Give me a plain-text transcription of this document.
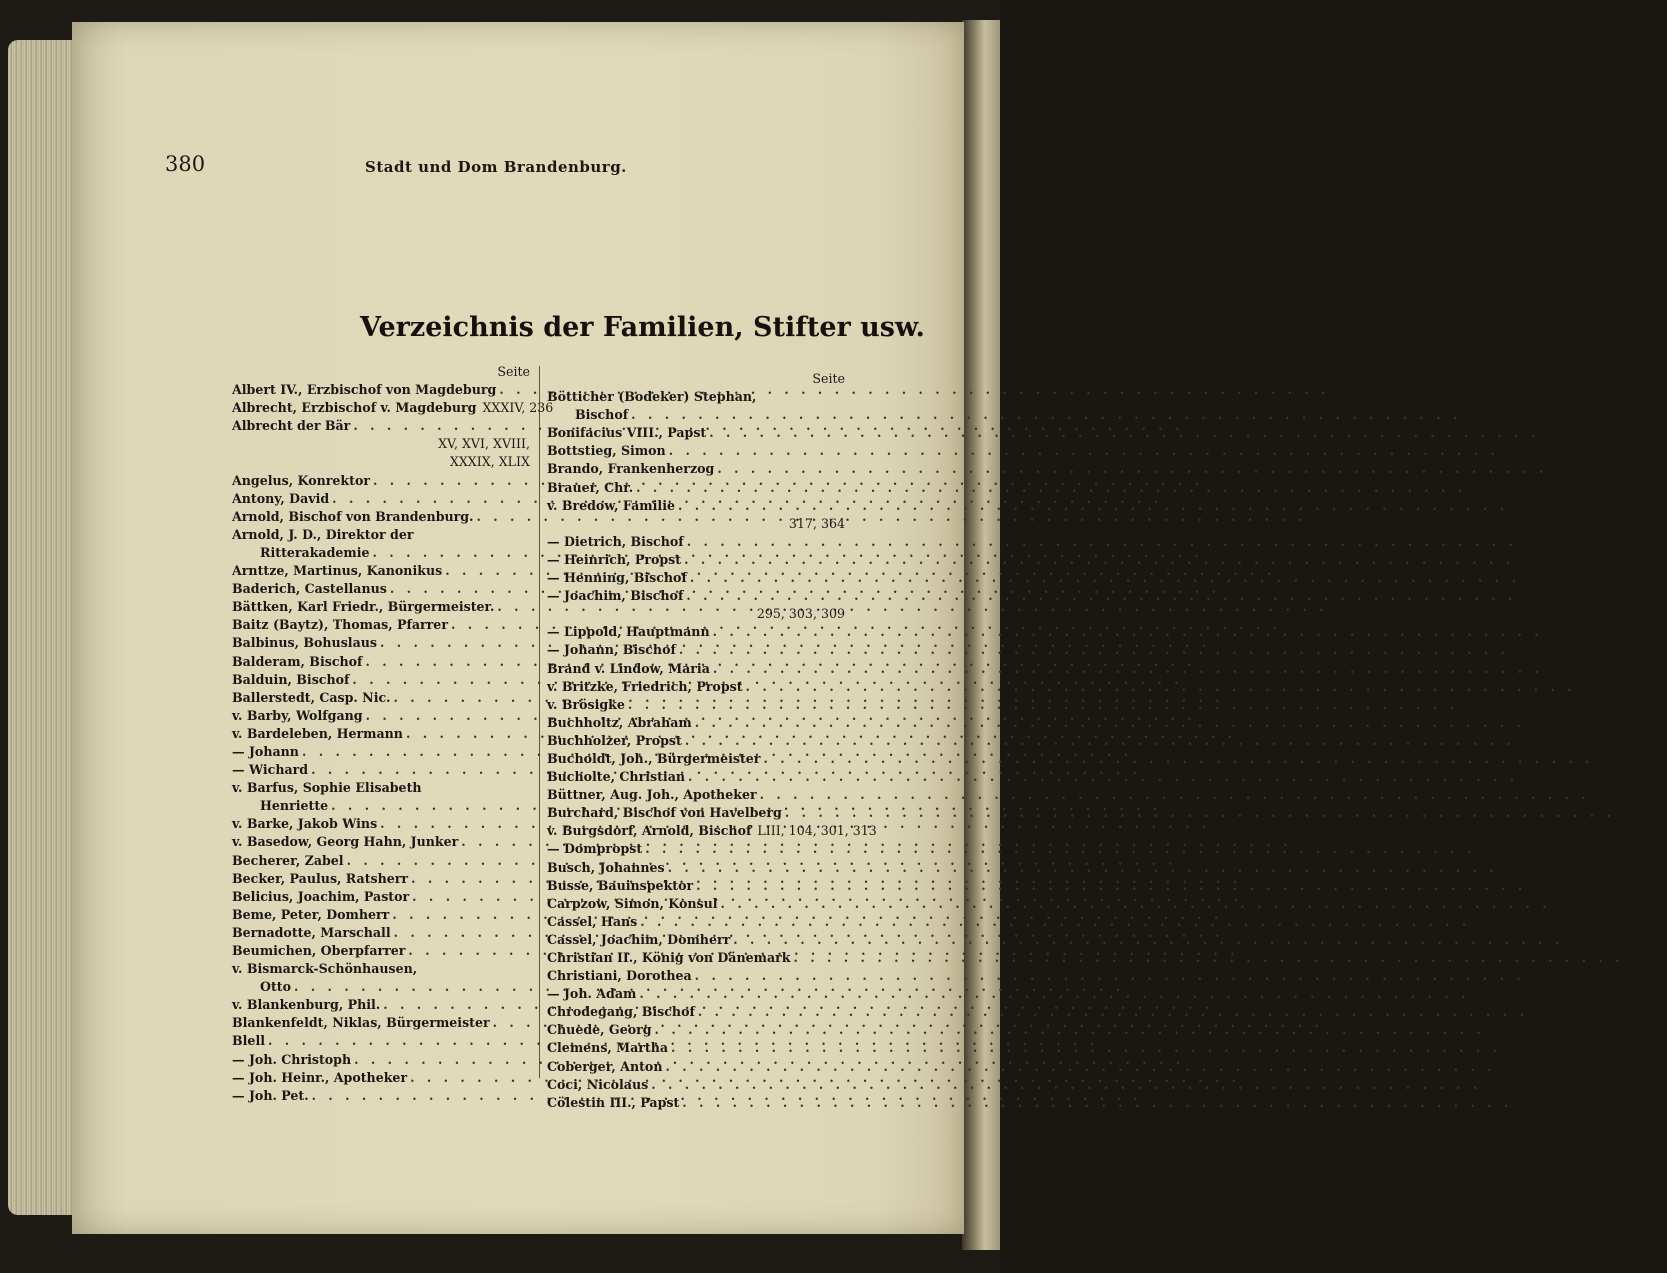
380	Stadt und Dom Brandenburg.
Verzeichnis der Familien, Stifter usw.
Seite
Albert IV., Erzbischof von Magdeburg . . .	54
Albrecht, Erzbischof v. Magdeburg XXXIV, 236
Albrecht der Bär . . .	XII, XIII, XIV,
XV, XVI, XVIII,
XXXIX, XLIX
Angelus, Konrektor . . .	XXXVIII
Antony, David . . .	75
Arnold, Bischof von Brandenburg. . . .	LIII, 5
Arnold, J. D., Direktor der
Ritterakademie . . .	345
Arnttze, Martinus, Kanonikus . . .	273
Baderich, Castellanus . . .	XIX
Bättken, Karl Friedr., Bürgermeister. . . .	79
Baitz (Baytz), Thomas, Pfarrer . . .	XXXV, 77
Balbinus, Bohuslaus . . .	X
Balderam, Bischof . . .	XIX
Balduin, Bischof . . .	LII
Ballerstedt, Casp. Nic. . . .	120
v. Barby, Wolfgang . . .	XXXVIII
v. Bardeleben, Hermann . . .	XXXVIII, XLI, LIV
— Johann . . .	LV
— Wichard . . .	XXXVIII, LV
v. Barfus, Sophie Elisabeth
Henriette . . .	LXXXII, 297
v. Barke, Jakob Wins . . .	117
v. Basedow, Georg Hahn, Junker . . .	22
Becherer, Zabel . . .	XXVII
Becker, Paulus, Ratsherr . . .	77
Belicius, Joachim, Pastor . . .	119
Beme, Peter, Domherr . . .	XXXV, 304
Bernadotte, Marschall . . .	XLVI
Beumichen, Oberpfarrer . . .	61
v. Bismarck-Schönhausen,
Otto . . .	XLIX, 162
v. Blankenburg, Phil. . . .	77
Blankenfeldt, Niklas, Bürgermeister . . .	XXIV
Blell . . .	XLI
— Joh. Christoph . . .	79
— Joh. Heinr., Apotheker . . .	367
— Joh. Pet. . . .	79
Seite
Bötticher (Bodeker) Stephan,
Bischof . . .	XXXI, LXXX, 225, 302
Bonifacius VIII., Papst . . .	252
Bottstieg, Simon . . .	110
Brando, Frankenherzog . . .	X
Brauer, Chr. . . .	79
v. Bredow, Familie . . .	XXV, XXXI, XLVI,
317, 364
— Dietrich, Bischof . . .	XXV
— Heinrich, Propst . . .	302, 303
— Henning, Bischof . . .	XXIV, XXXI
— Joachim, Bischof . . .	XXXII, 225, 293,
295, 303, 309
— Lippold, Hauptmann . . .	XXVII
— Johann, Bischof . . .	LIII
Brand v. Lindow, Maria . . .	303
v. Britzke, Friedrich, Propst . . .	303, 312, 313
v. Brösigke . . .	XLVI
Buchholtz, Abraham . . .	120
Buchholzer, Propst . . .	XXXVI
Bucholdt, Joh., Bürgermeister . . .	79
Bucholte, Christian . . .	LV
Büttner, Aug. Joh., Apotheker . . .	119
Burchard, Bischof von Havelberg . . .	XV, XXI
v. Burgsdorf, Arnold, Bischof LIII, 104, 301, 313
— Dompropst . . .	265
Busch, Johannes . . .	XXXII
Busse, Bauinspektor . . .	XLIII
Carpzow, Simon, Konsul . . .	197
Cassel, Hans . . .	365
Cassel, Joachim, Domherr . . .	XXXV
Christian II., König von Dänemark . . .	136
Christiani, Dorothea . . .	79
— Joh. Adam . . .	79
Chrodegang, Bischof . . .	323
Chuede, Georg . . .	16
Clemens, Martha . . .	27
Coberger, Anton . . .	73
Coci, Nicolaus . . .	273
Cölestin III., Papst . . .	XX
